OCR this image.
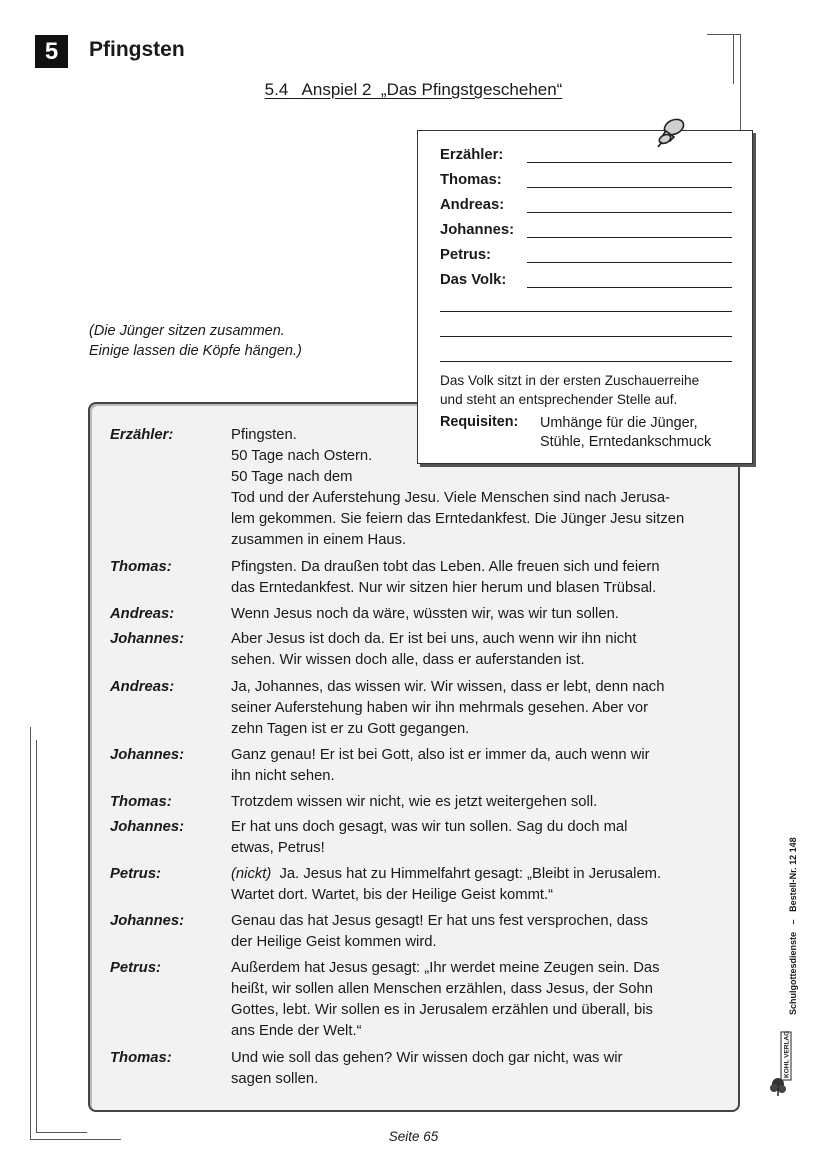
5 Pfingsten
5.4 Anspiel 2  „Das Pfingstgeschehen“
(Die Jünger sitzen zusammen.
Einige lassen die Köpfe hängen.)
Erzähler:	Pfingsten.
50 Tage nach Ostern.
50 Tage nach dem
Tod und der Auferstehung Jesu. Viele Menschen sind nach Jerusa-
lem gekommen. Sie feiern das Erntedankfest. Die Jünger Jesu sitzen
zusammen in einem Haus.
Thomas:	Pfingsten. Da draußen tobt das Leben. Alle freuen sich und feiern
das Erntedankfest. Nur wir sitzen hier herum und blasen Trübsal.
Andreas:	Wenn Jesus noch da wäre, wüssten wir, was wir tun sollen.
Johannes:	Aber Jesus ist doch da. Er ist bei uns, auch wenn wir ihn nicht
sehen. Wir wissen doch alle, dass er auferstanden ist.
Andreas:	Ja, Johannes, das wissen wir. Wir wissen, dass er lebt, denn nach
seiner Auferstehung haben wir ihn mehrmals gesehen. Aber vor
zehn Tagen ist er zu Gott gegangen.
Johannes:	Ganz genau! Er ist bei Gott, also ist er immer da, auch wenn wir
ihn nicht sehen.
Thomas:	Trotzdem wissen wir nicht, wie es jetzt weitergehen soll.
Johannes:	Er hat uns doch gesagt, was wir tun sollen. Sag du doch mal
etwas, Petrus!
Petrus:	(nickt) Ja. Jesus hat zu Himmelfahrt gesagt: „Bleibt in Jerusalem.
Wartet dort. Wartet, bis der Heilige Geist kommt.“
Johannes:	Genau das hat Jesus gesagt! Er hat uns fest versprochen, dass
der Heilige Geist kommen wird.
Petrus:	Außerdem hat Jesus gesagt: „Ihr werdet meine Zeugen sein. Das
heißt, wir sollen allen Menschen erzählen, dass Jesus, der Sohn
Gottes, lebt. Wir sollen es in Jerusalem erzählen und überall, bis
ans Ende der Welt.“
Thomas:	Und wie soll das gehen? Wir wissen doch gar nicht, was wir
sagen sollen.
Erzähler:
Thomas:
Andreas:
Johannes:
Petrus:
Das Volk:
Das Volk sitzt in der ersten Zuschauerreihe
und steht an entsprechender Stelle auf.
Requisiten: Umhänge für die Jünger,
Stühle, Erntedankschmuck
Schulgottesdienste   –   Bestell-Nr. 12 148
KOHL VERLAG
Seite 65
